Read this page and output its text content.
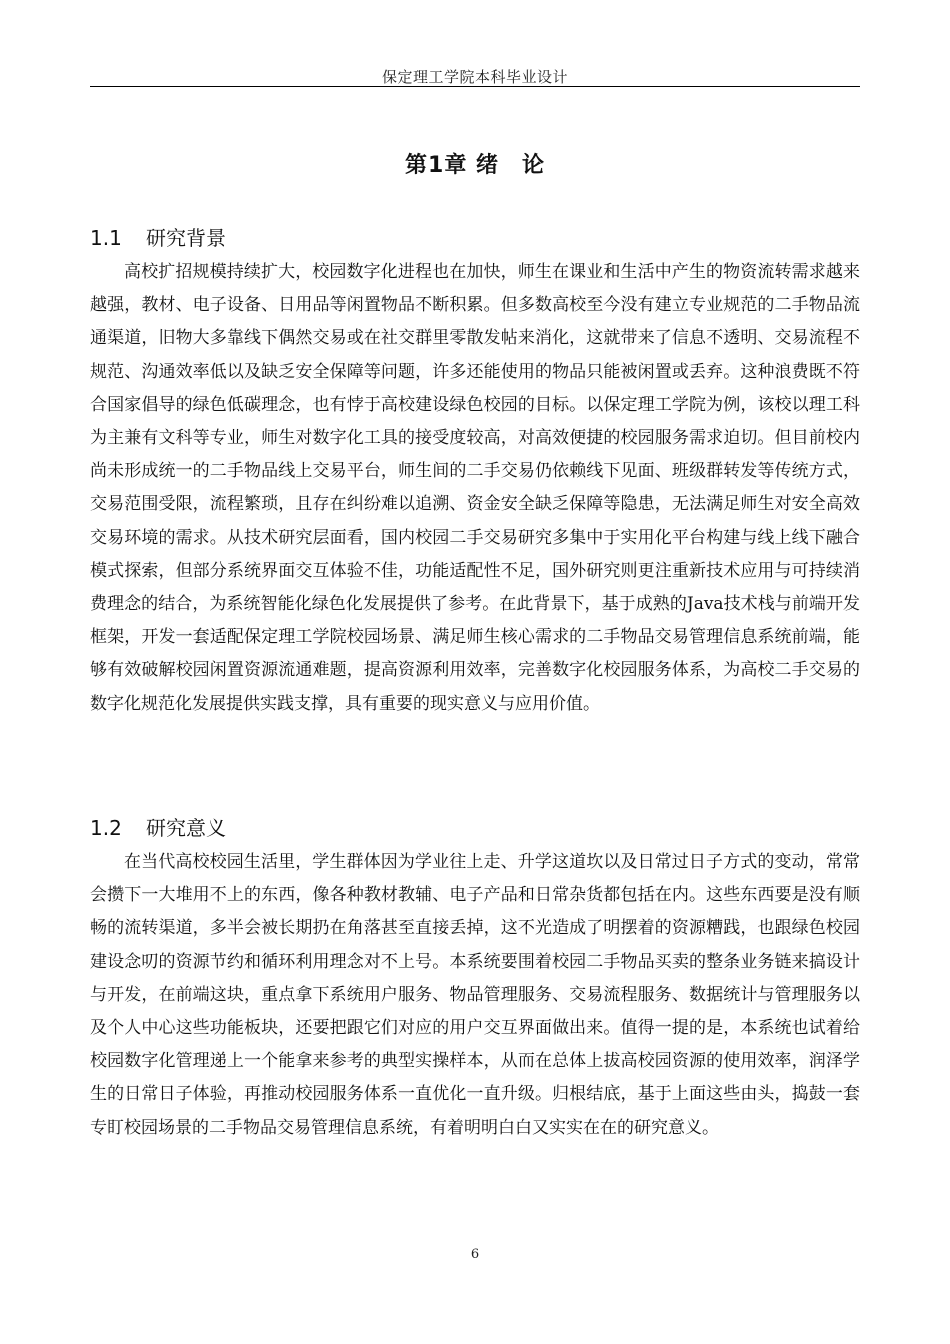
保定理工学院本科毕业设计
第1章 绪　论
1.1 研究背景

高校扩招规模持续扩大，校园数字化进程也在加快，师生在课业和生活中产生的物资流转需求越来越强，教材、电子设备、日用品等闲置物品不断积累。但多数高校至今没有建立专业规范的二手物品流通渠道，旧物大多靠线下偶然交易或在社交群里零散发帖来消化，这就带来了信息不透明、交易流程不规范、沟通效率低以及缺乏安全保障等问题，许多还能使用的物品只能被闲置或丢弃。这种浪费既不符合国家倡导的绿色低碳理念，也有悖于高校建设绿色校园的目标。以保定理工学院为例，该校以理工科为主兼有文科等专业，师生对数字化工具的接受度较高，对高效便捷的校园服务需求迫切。但目前校内尚未形成统一的二手物品线上交易平台，师生间的二手交易仍依赖线下见面、班级群转发等传统方式，交易范围受限，流程繁琐，且存在纠纷难以追溯、资金安全缺乏保障等隐患，无法满足师生对安全高效交易环境的需求。从技术研究层面看，国内校园二手交易研究多集中于实用化平台构建与线上线下融合模式探索，但部分系统界面交互体验不佳，功能适配性不足，国外研究则更注重新技术应用与可持续消费理念的结合，为系统智能化绿色化发展提供了参考。在此背景下，基于成熟的Java技术栈与前端开发框架，开发一套适配保定理工学院校园场景、满足师生核心需求的二手物品交易管理信息系统前端，能够有效破解校园闲置资源流通难题，提高资源利用效率，完善数字化校园服务体系，为高校二手交易的数字化规范化发展提供实践支撑，具有重要的现实意义与应用价值。

1.2 研究意义

在当代高校校园生活里，学生群体因为学业往上走、升学这道坎以及日常过日子方式的变动，常常会攒下一大堆用不上的东西，像各种教材教辅、电子产品和日常杂货都包括在内。这些东西要是没有顺畅的流转渠道，多半会被长期扔在角落甚至直接丢掉，这不光造成了明摆着的资源糟践，也跟绿色校园建设念叨的资源节约和循环利用理念对不上号。本系统要围着校园二手物品买卖的整条业务链来搞设计与开发，在前端这块，重点拿下系统用户服务、物品管理服务、交易流程服务、数据统计与管理服务以及个人中心这些功能板块，还要把跟它们对应的用户交互界面做出来。值得一提的是，本系统也试着给校园数字化管理递上一个能拿来参考的典型实操样本，从而在总体上拔高校园资源的使用效率，润泽学生的日常日子体验，再推动校园服务体系一直优化一直升级。归根结底，基于上面这些由头，捣鼓一套专盯校园场景的二手物品交易管理信息系统，有着明明白白又实实在在的研究意义。

6
